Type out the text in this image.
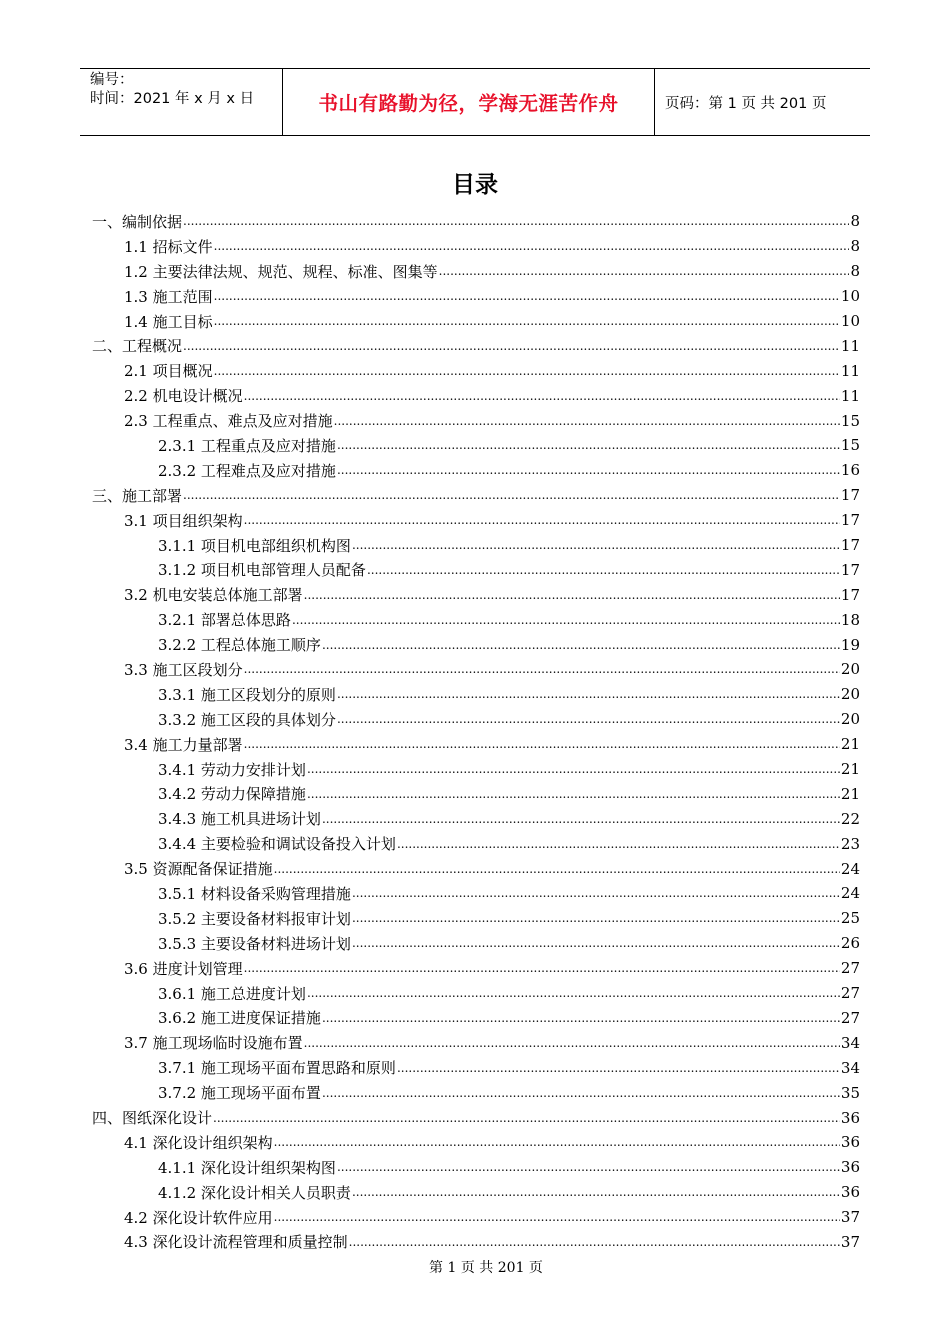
编号：
时间：2021 年 x 月 x 日	书山有路勤为径，学海无涯苦作舟	页码：第 1 页 共 201 页
目录
一、编制依据 .....	8
1.1 招标文件 .....	8
1.2 主要法律法规、规范、规程、标准、图集等 .....	8
1.3 施工范围 .....	10
1.4 施工目标 .....	10
二、工程概况 .....	11
2.1 项目概况 .....	11
2.2 机电设计概况 .....	11
2.3 工程重点、难点及应对措施 .....	15
2.3.1 工程重点及应对措施 .....	15
2.3.2 工程难点及应对措施 .....	16
三、施工部署 .....	17
3.1 项目组织架构 .....	17
3.1.1 项目机电部组织机构图 .....	17
3.1.2 项目机电部管理人员配备 .....	17
3.2 机电安装总体施工部署 .....	17
3.2.1 部署总体思路 .....	18
3.2.2 工程总体施工顺序 .....	19
3.3 施工区段划分 .....	20
3.3.1 施工区段划分的原则 .....	20
3.3.2 施工区段的具体划分 .....	20
3.4 施工力量部署 .....	21
3.4.1 劳动力安排计划 .....	21
3.4.2 劳动力保障措施 .....	21
3.4.3 施工机具进场计划 .....	22
3.4.4 主要检验和调试设备投入计划 .....	23
3.5 资源配备保证措施 .....	24
3.5.1 材料设备采购管理措施 .....	24
3.5.2 主要设备材料报审计划 .....	25
3.5.3 主要设备材料进场计划 .....	26
3.6 进度计划管理 .....	27
3.6.1 施工总进度计划 .....	27
3.6.2 施工进度保证措施 .....	27
3.7 施工现场临时设施布置 .....	34
3.7.1 施工现场平面布置思路和原则 .....	34
3.7.2 施工现场平面布置 .....	35
四、图纸深化设计 .....	36
4.1 深化设计组织架构 .....	36
4.1.1 深化设计组织架构图 .....	36
4.1.2 深化设计相关人员职责 .....	36
4.2 深化设计软件应用 .....	37
4.3 深化设计流程管理和质量控制 .....	37
第 1 页 共 201 页
